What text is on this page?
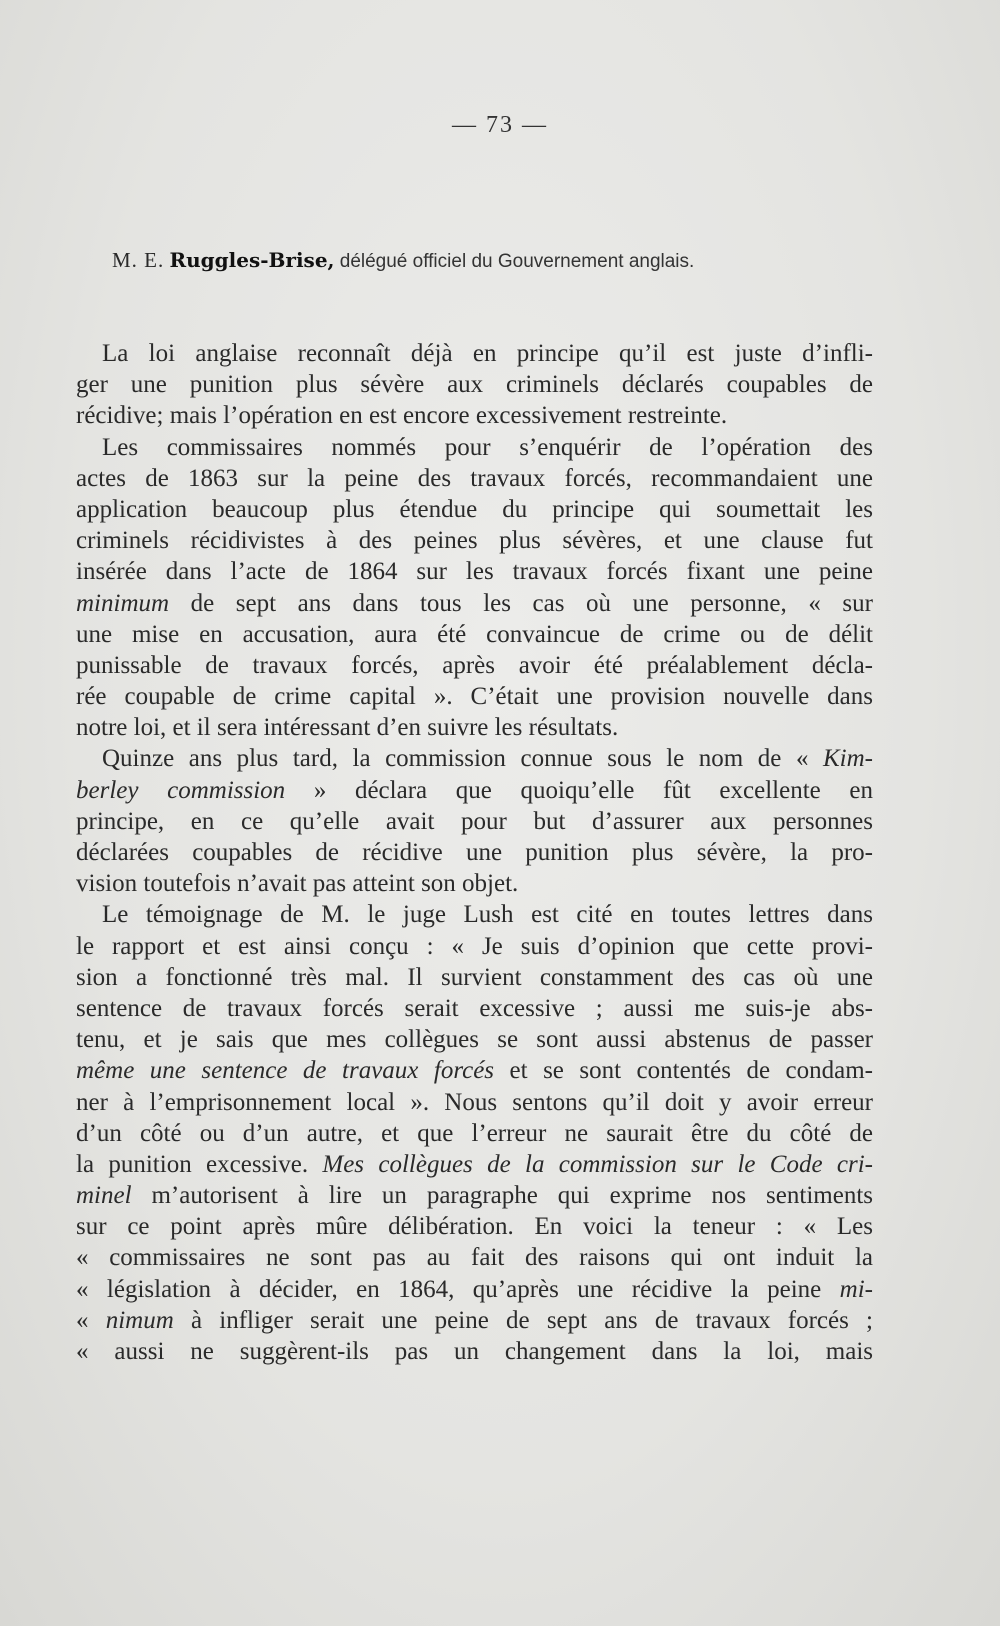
— 73 —
M. E. Ruggles-Brise, délégué officiel du Gouvernement anglais.
La loi anglaise reconnaît déjà en principe qu’il est juste d’infli-
ger une punition plus sévère aux criminels déclarés coupables de
récidive; mais l’opération en est encore excessivement restreinte.
Les commissaires nommés pour s’enquérir de l’opération des
actes de 1863 sur la peine des travaux forcés, recommandaient une
application beaucoup plus étendue du principe qui soumettait les
criminels récidivistes à des peines plus sévères, et une clause fut
insérée dans l’acte de 1864 sur les travaux forcés fixant une peine
minimum de sept ans dans tous les cas où une personne, « sur
une mise en accusation, aura été convaincue de crime ou de délit
punissable de travaux forcés, après avoir été préalablement décla-
rée coupable de crime capital ». C’était une provision nouvelle dans
notre loi, et il sera intéressant d’en suivre les résultats.
Quinze ans plus tard, la commission connue sous le nom de « Kim-
berley commission » déclara que quoiqu’elle fût excellente en
principe, en ce qu’elle avait pour but d’assurer aux personnes
déclarées coupables de récidive une punition plus sévère, la pro-
vision toutefois n’avait pas atteint son objet.
Le témoignage de M. le juge Lush est cité en toutes lettres dans
le rapport et est ainsi conçu : « Je suis d’opinion que cette provi-
sion a fonctionné très mal. Il survient constamment des cas où une
sentence de travaux forcés serait excessive ; aussi me suis-je abs-
tenu, et je sais que mes collègues se sont aussi abstenus de passer
même une sentence de travaux forcés et se sont contentés de condam-
ner à l’emprisonnement local ». Nous sentons qu’il doit y avoir erreur
d’un côté ou d’un autre, et que l’erreur ne saurait être du côté de
la punition excessive. Mes collègues de la commission sur le Code cri-
minel m’autorisent à lire un paragraphe qui exprime nos sentiments
sur ce point après mûre délibération. En voici la teneur : « Les
« commissaires ne sont pas au fait des raisons qui ont induit la
« législation à décider, en 1864, qu’après une récidive la peine mi-
« nimum à infliger serait une peine de sept ans de travaux forcés ;
« aussi ne suggèrent-ils pas un changement dans la loi, mais
